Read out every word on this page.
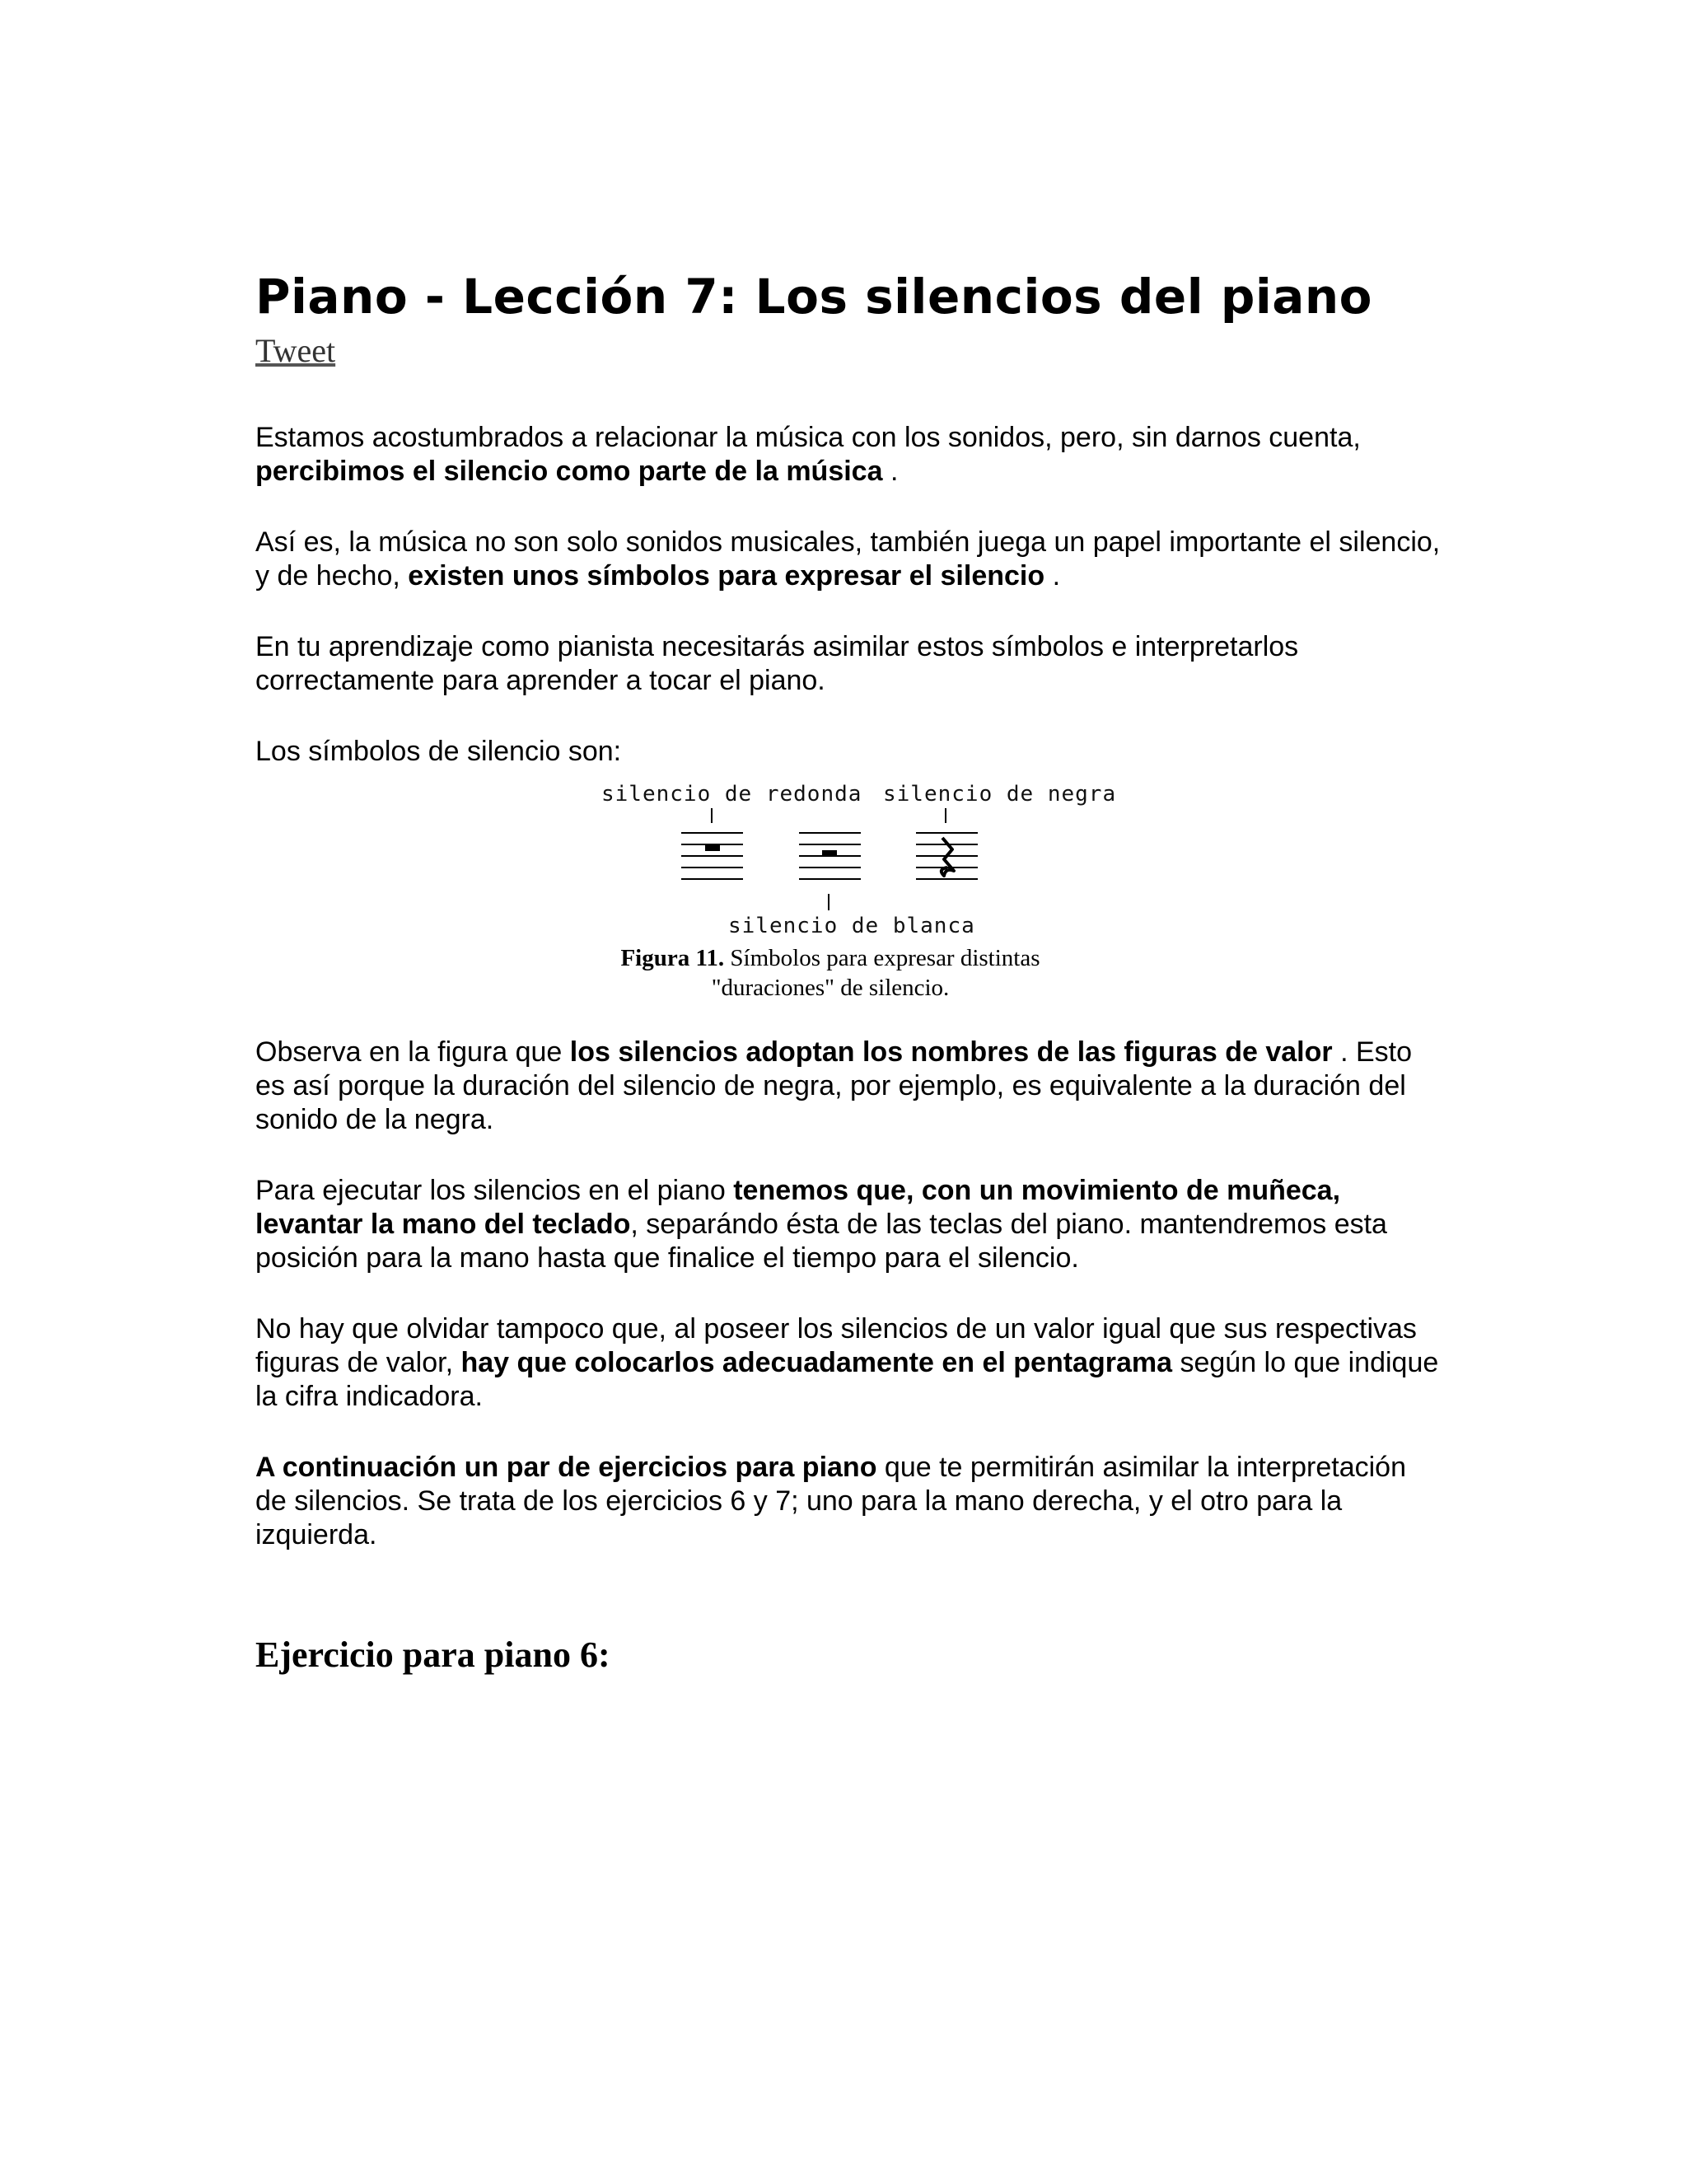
Piano - Lección 7: Los silencios del piano
Tweet

Estamos acostumbrados a relacionar la música con los sonidos, pero, sin darnos cuenta, percibimos el silencio como parte de la música .

Así es, la música no son solo sonidos musicales, también juega un papel importante el silencio, y de hecho, existen unos símbolos para expresar el silencio .

En tu aprendizaje como pianista necesitarás asimilar estos símbolos e interpretarlos correctamente para aprender a tocar el piano.

Los símbolos de silencio son:

silencio de redonda silencio de negra
silencio de blanca
Figura 11. Símbolos para expresar distintas
"duraciones" de silencio.

Observa en la figura que los silencios adoptan los nombres de las figuras de valor . Esto es así porque la duración del silencio de negra, por ejemplo, es equivalente a la duración del sonido de la negra.

Para ejecutar los silencios en el piano tenemos que, con un movimiento de muñeca, levantar la mano del teclado, separándo ésta de las teclas del piano. mantendremos esta posición para la mano hasta que finalice el tiempo para el silencio.

No hay que olvidar tampoco que, al poseer los silencios de un valor igual que sus respectivas figuras de valor, hay que colocarlos adecuadamente en el pentagrama según lo que indique la cifra indicadora.

A continuación un par de ejercicios para piano que te permitirán asimilar la interpretación de silencios. Se trata de los ejercicios 6 y 7; uno para la mano derecha, y el otro para la izquierda.

Ejercicio para piano 6:
